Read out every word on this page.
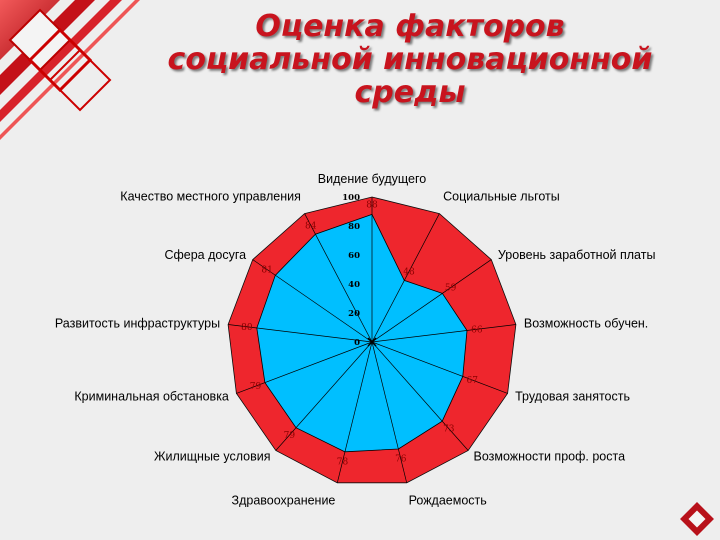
Оценка факторов
социальной инновационной
среды
0
20
40
60
80
100
88
Видение будущего
48
Социальные льготы
59
Уровень заработной платы
66	Возможность обучен.
67
Трудовая занятость
73
Возможности проф. роста
76
Рождаемость
78
Здравоохранение
79
Жилищные условия
79
Криминальная обстановка
80
Развитость инфраструктуры
81
Сфера досуга
84
Качество местного управления
